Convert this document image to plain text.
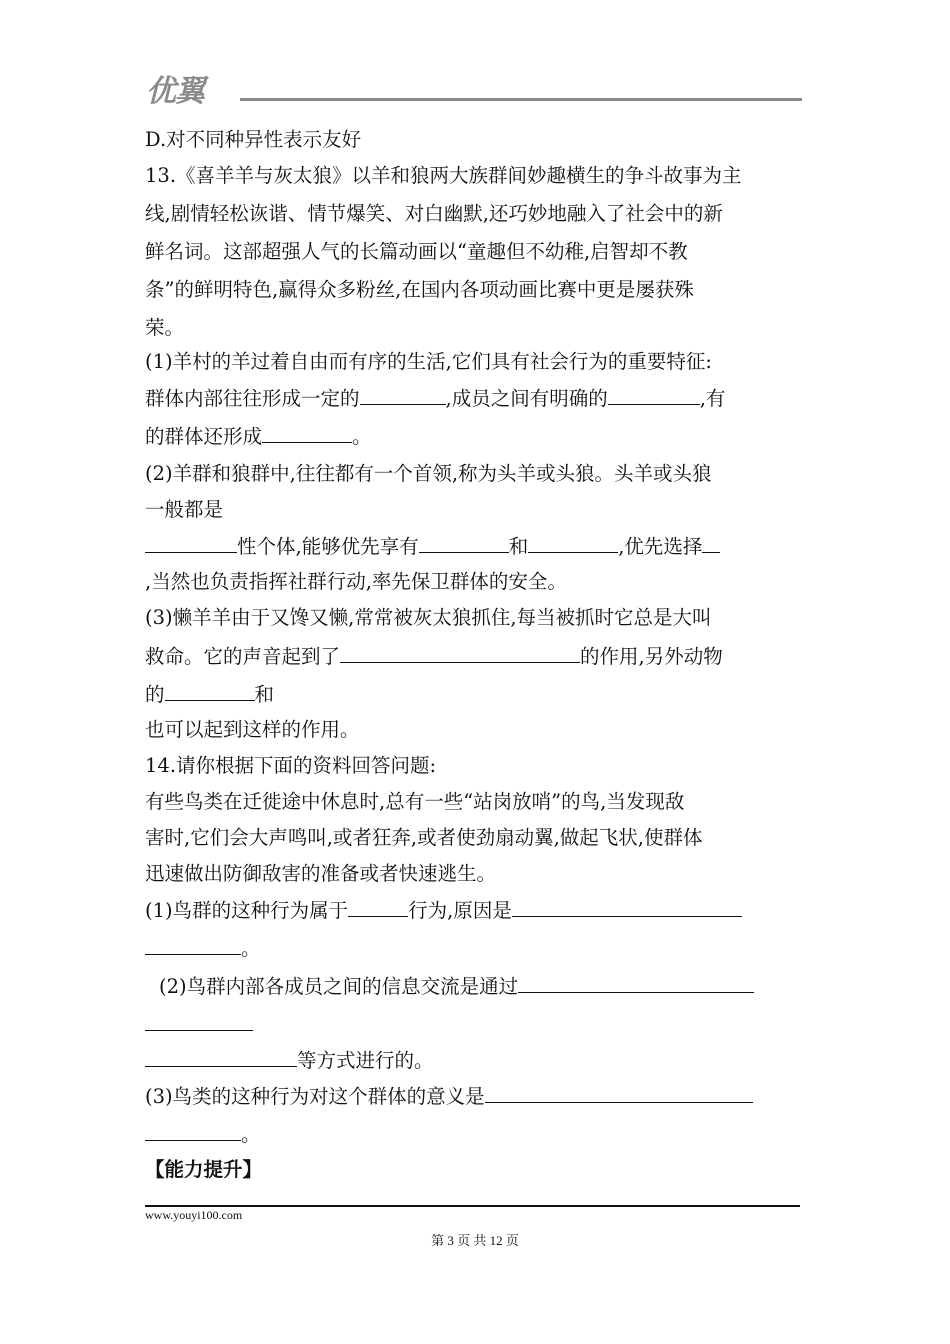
优翼
D.对不同种异性表示友好
13.《喜羊羊与灰太狼》以羊和狼两大族群间妙趣横生的争斗故事为主
线,剧情轻松诙谐、情节爆笑、对白幽默,还巧妙地融入了社会中的新
鲜名词。这部超强人气的长篇动画以“童趣但不幼稚,启智却不教
条”的鲜明特色,赢得众多粉丝,在国内各项动画比赛中更是屡获殊
荣。
(1)羊村的羊过着自由而有序的生活,它们具有社会行为的重要特征:
群体内部往往形成一定的	,成员之间有明确的	,有
的群体还形成	。
(2)羊群和狼群中,往往都有一个首领,称为头羊或头狼。头羊或头狼
一般都是
性个体,能够优先享有	和	,优先选择
,当然也负责指挥社群行动,率先保卫群体的安全。
(3)懒羊羊由于又馋又懒,常常被灰太狼抓住,每当被抓时它总是大叫
救命。它的声音起到了	的作用,另外动物
的	和
也可以起到这样的作用。
14.请你根据下面的资料回答问题:
有些鸟类在迁徙途中休息时,总有一些“站岗放哨”的鸟,当发现敌
害时,它们会大声鸣叫,或者狂奔,或者使劲扇动翼,做起飞状,使群体
迅速做出防御敌害的准备或者快速逃生。
(1)鸟群的这种行为属于	行为,原因是
。
(2)鸟群内部各成员之间的信息交流是通过
等方式进行的。
(3)鸟类的这种行为对这个群体的意义是
。
【能力提升】
www.youyi100.com
第 3 页 共 12 页
